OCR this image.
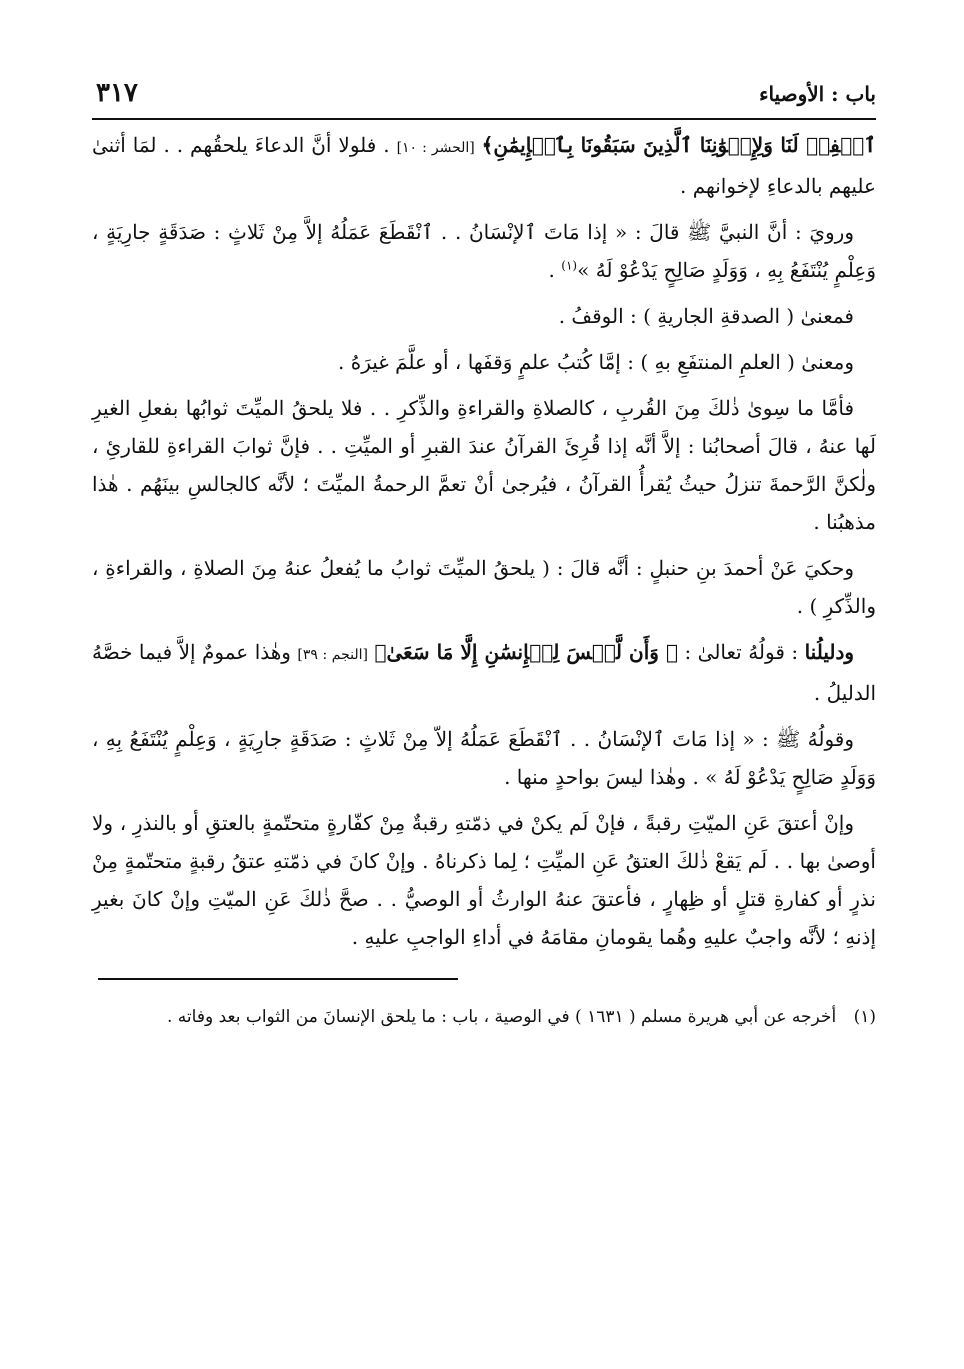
باب : الأوصياء
٣١٧

ٱغۡفِرۡ لَنَا وَلِإِخۡوَٰنِنَا ٱلَّذِينَ سَبَقُونَا بِٱلۡإِيمَٰنِ﴾ [الحشر : ١٠] . فلولا أنَّ الدعاءَ يلحقُهم . . لمَا أثنىٰ عليهم بالدعاءِ لإخوانهم .

ورويَ : أنَّ النبيَّ ﷺ قالَ : « إذا مَاتَ ٱلإنْسَانُ . . ٱنْقَطَعَ عَمَلُهُ إلاَّ مِنْ ثَلاثٍ : صَدَقَةٍ جارِيَةٍ ، وَعِلْمٍ يُنْتَفَعُ بِهِ ، وَوَلَدٍ صَالِحٍ يَدْعُوْ لَهُ »$^{(١)}$ .

فمعنىٰ ( الصدقةِ الجاريةِ ) : الوقفُ .

ومعنىٰ ( العلمِ المنتفَعِ بهِ ) : إمَّا كُتبُ علمٍ وَقفَها ، أو علَّمَ غيرَهُ .

فأمَّا ما سِوىٰ ذٰلكَ مِنَ القُربِ ، كالصلاةِ والقراءةِ والذِّكرِ . . فلا يلحقُ الميِّتَ ثوابُها بفعلِ الغيرِ لَها عنهُ ، قالَ أصحابُنا : إلاَّ أنَّه إذا قُرِئَ القرآنُ عندَ القبرِ أو الميِّتِ . . فإنَّ ثوابَ القراءةِ للقارئِ ، ولٰكنَّ الرَّحمةَ تنزلُ حيثُ يُقرأُ القرآنُ ، فيُرجىٰ أنْ تعمَّ الرحمةُ الميِّتَ ؛ لأنَّه كالجالسِ بينَهُم . هٰذا مذهبُنا .

وحكيَ عَنْ أحمدَ بنِ حنبلٍ : أنَّه قالَ : ( يلحقُ الميِّتَ ثوابُ ما يُفعلُ عنهُ مِنَ الصلاةِ ، والقراءةِ ، والذِّكرِ ) .

ودليلُنا : قولُهُ تعالىٰ : ﴿ وَأَن لَّيۡسَ لِلۡإِنسَٰنِ إِلَّا مَا سَعَىٰ﴾ [النجم : ٣٩] وهٰذا عمومٌ إلاَّ فيما خصَّهُ الدليلُ .

وقولُهُ ﷺ : « إذا مَاتَ ٱلإنْسَانُ . . ٱنْقَطَعَ عَمَلُهُ إلاّ مِنْ ثَلاثٍ : صَدَقَةٍ جارِيَةٍ ، وَعِلْمٍ يُنْتَفَعُ بِهِ ، وَوَلَدٍ صَالِحٍ يَدْعُوْ لَهُ » . وهٰذا ليسَ بواحدٍ منها .

وإنْ أعتقَ عَنِ الميّتِ رقبةً ، فإنْ لَم يكنْ في ذمّتهِ رقبةٌ مِنْ كفّارةٍ متحتّمةٍ بالعتقِ أو بالنذرِ ، ولا أوصىٰ بها . . لَم يَقعْ ذٰلكَ العتقُ عَنِ الميِّتِ ؛ لِما ذكرناهُ . وإنْ كانَ في ذمّتهِ عتقُ رقبةٍ متحتّمةٍ مِنْ نذرٍ أو كفارةِ قتلٍ أو ظِهارٍ ، فأعتقَ عنهُ الوارثُ أو الوصيُّ . . صحَّ ذٰلكَ عَنِ الميّتِ وإنْ كانَ بغيرِ إذنهِ ؛ لأنَّه واجبٌ عليهِ وهُما يقومانِ مقامَهُ في أداءِ الواجبِ عليهِ .

(١) أخرجه عن أبي هريرة مسلم ( ١٦٣١ ) في الوصية ، باب : ما يلحق الإنسانَ من الثواب بعد وفاته .
